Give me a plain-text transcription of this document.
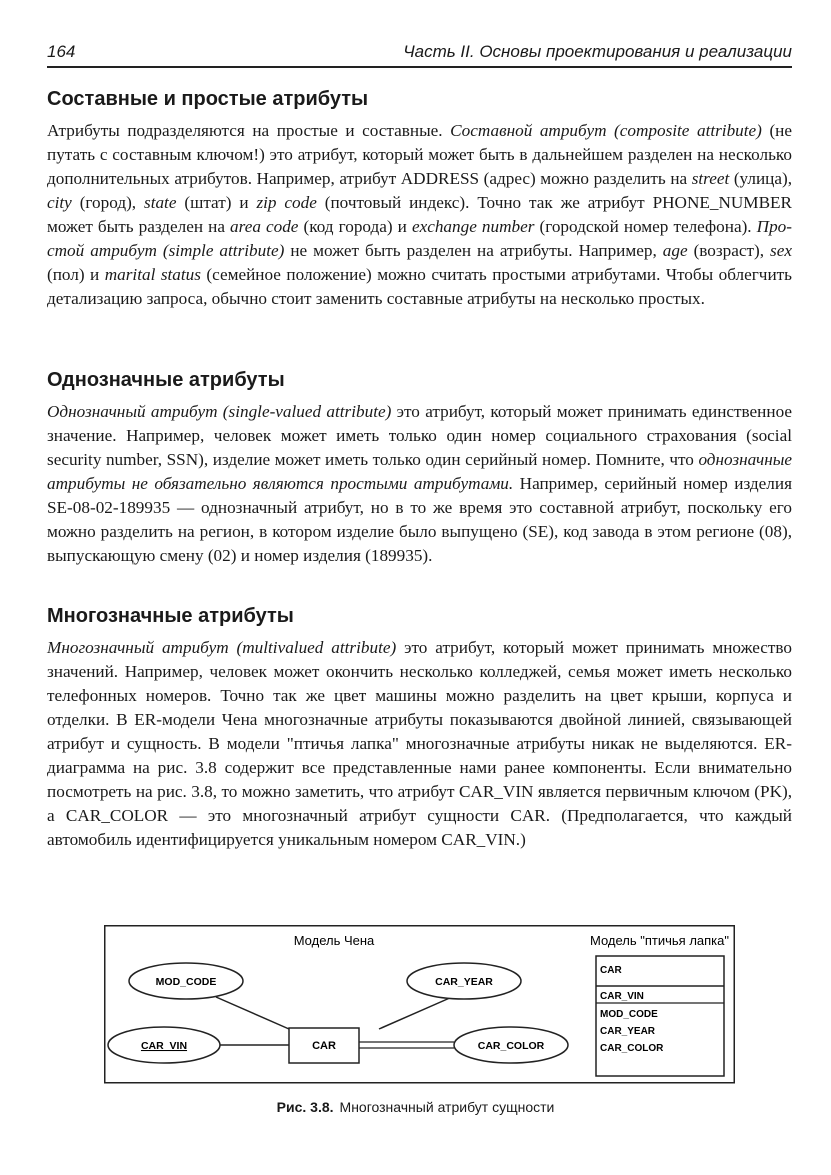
164	Часть II. Основы проектирования и реализации
Составные и простые атрибуты

Атрибуты подразделяются на простые и составные. Составной атрибут (composite attribute) (не путать с составным ключом!) это атрибут, который может быть в дальнейшем разделен на несколько дополнительных атрибутов. Например, атрибут ADDRESS (адрес) можно разделить на street (улица), city (город), state (штат) и zip code (почтовый индекс). Точно так же атрибут PHONE_NUMBER может быть разделен на area code (код города) и exchange number (городской номер телефона). Простой атрибут (simple attribute) не может быть разделен на атрибуты. Например, age (возраст), sex (пол) и marital status (семейное положение) можно считать простыми атрибутами. Чтобы облегчить детализацию запроса, обычно стоит заменить составные атрибуты на несколько простых.

Однозначные атрибуты

Однозначный атрибут (single-valued attribute) это атрибут, который может принимать единственное значение. Например, человек может иметь только один номер социального страхования (social security number, SSN), изделие может иметь только один серийный номер. Помните, что однозначные атрибуты не обязательно являются простыми атрибутами. Например, серийный номер изделия SE-08-02-189935 — однозначный атрибут, но в то же время это составной атрибут, поскольку его можно разделить на регион, в котором изделие было выпущено (SE), код завода в этом регионе (08), выпускающую смену (02) и номер изделия (189935).

Многозначные атрибуты

Многозначный атрибут (multivalued attribute) это атрибут, который может принимать множество значений. Например, человек может окончить несколько колледжей, семья может иметь несколько телефонных номеров. Точно так же цвет машины можно разделить на цвет крыши, корпуса и отделки. В ER-модели Чена многозначные атрибуты показываются двойной линией, связывающей атрибут и сущность. В модели "птичья лапка" многозначные атрибуты никак не выделяются. ER-диаграмма на рис. 3.8 содержит все представленные нами ранее компоненты. Если внимательно посмотреть на рис. 3.8, то можно заметить, что атрибут CAR_VIN является первичным ключом (PK), а CAR_COLOR — это многозначный атрибут сущности CAR. (Предполагается, что каждый автомобиль идентифицируется уникальным номером CAR_VIN.)

Модель Чена	Модель "птичья лапка"
MOD_CODE	CAR_YEAR
CAR_VIN	CAR_COLOR
CAR
CAR
CAR_VIN
MOD_CODE
CAR_YEAR
CAR_COLOR
Рис. 3.8. Многозначный атрибут сущности
